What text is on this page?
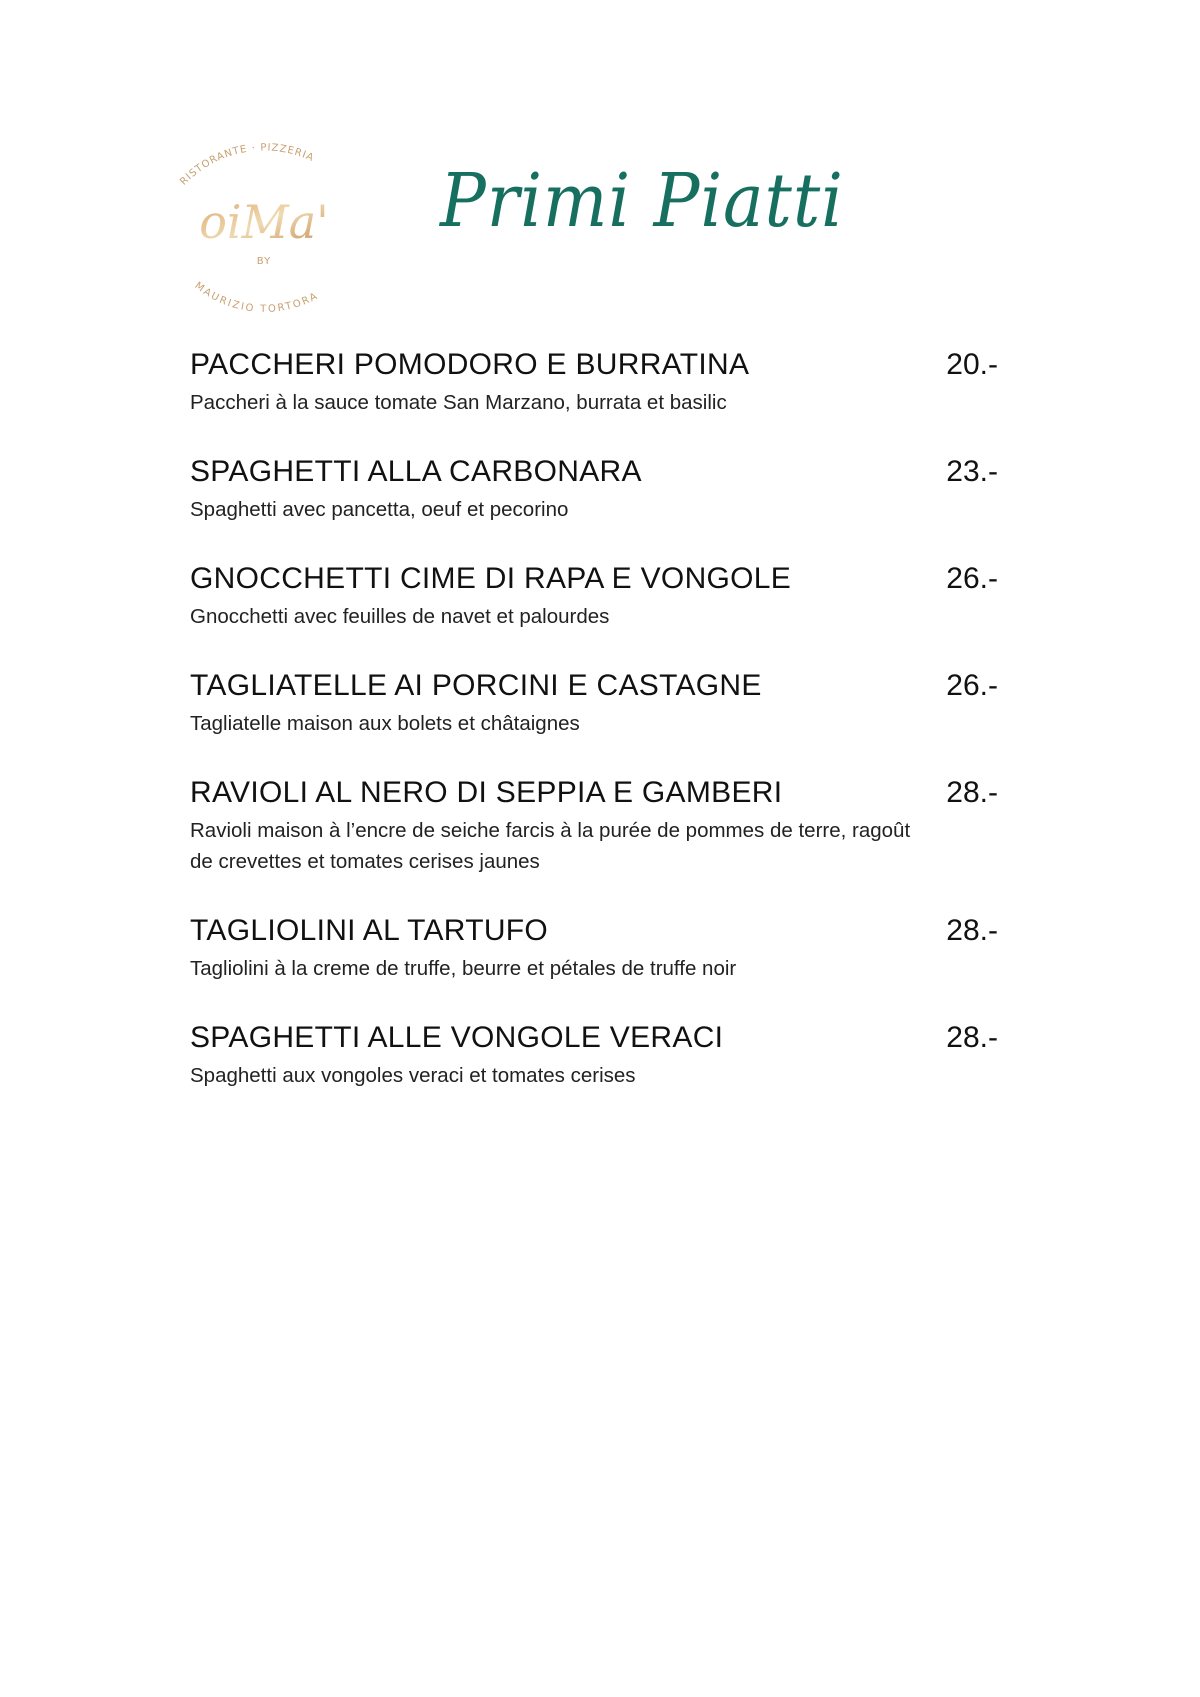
RISTORANTE · PIZZERIA
oiMa'
BY
MAURIZIO TORTORA
Primi Piatti
PACCHERI POMODORO E BURRATINA	20.-
Paccheri à la sauce tomate San Marzano, burrata et basilic
SPAGHETTI ALLA CARBONARA	23.-
Spaghetti avec pancetta, oeuf et pecorino
GNOCCHETTI CIME DI RAPA E VONGOLE	26.-
Gnocchetti avec feuilles de navet et palourdes
TAGLIATELLE AI PORCINI E CASTAGNE	26.-
Tagliatelle maison aux bolets et châtaignes
RAVIOLI AL NERO DI SEPPIA E GAMBERI	28.-
Ravioli maison à l’encre de seiche farcis à la purée de pommes de terre, ragoût de crevettes et tomates cerises jaunes
TAGLIOLINI AL TARTUFO	28.-
Tagliolini à la creme de truffe, beurre et pétales de truffe noir
SPAGHETTI ALLE VONGOLE VERACI	28.-
Spaghetti aux vongoles veraci et tomates cerises
